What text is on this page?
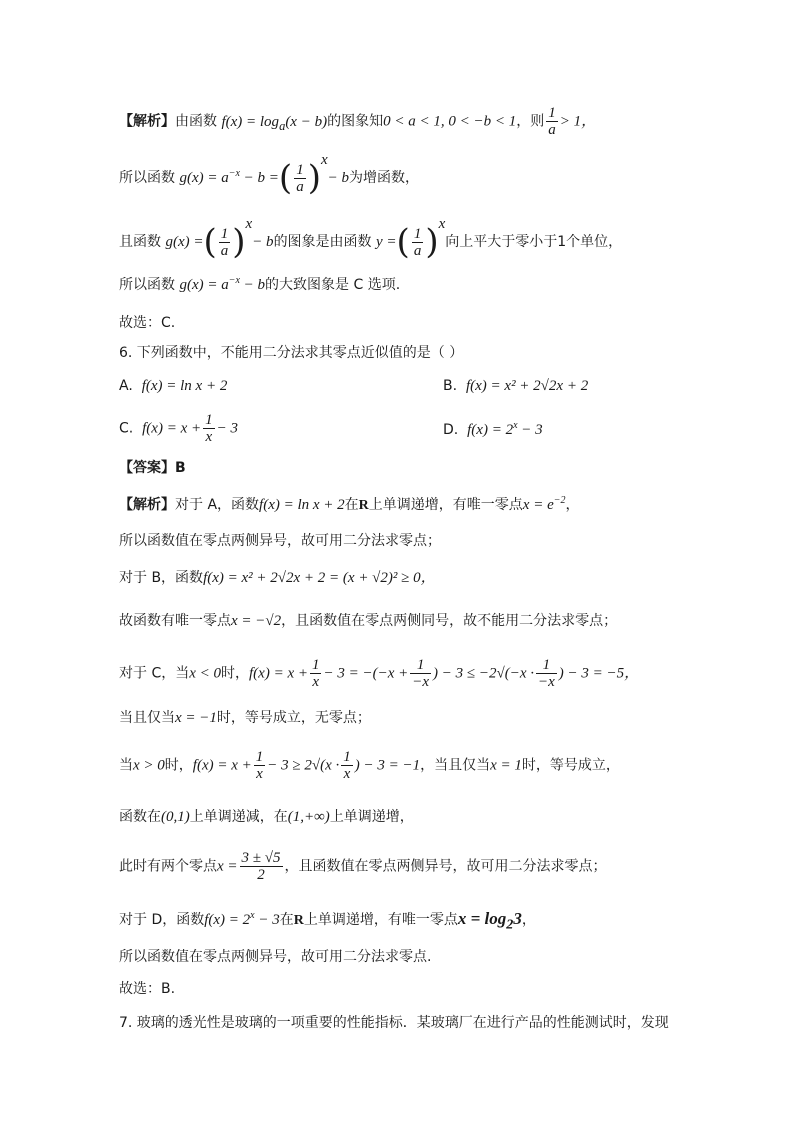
【解析】由函数 $f(x) = \log_a(x - b)$的图象知0 < a < 1, 0 < −b < 1，则 $\frac{1}{a} > 1$，
所以函数 $g(x) = a^{-x} - b$ =( $\frac{1}{a} )^x- b$为增函数，
且函数 g(x) =( $\frac{1}{a} )^x- b$的图象是由函数 y =( $\frac{1}{a} )^x$向上平大于零小于1个单位，
所以函数 $g(x) = a^{-x} - b$的大致图象是 C 选项.
故选：C.
6. 下列函数中，不能用二分法求其零点近似值的是（ ）
A. f(x) = ln x + 2	B. f(x) = x² + 2√2x + 2
C. $f(x) = x + \frac{1}{x} - 3$	D. $f(x) = 2^x - 3$
【答案】B
【解析】对于 A，函数f(x) = ln x + 2在R上单调递增，有唯一零点$x = e^{-2}$，
所以函数值在零点两侧异号，故可用二分法求零点；
对于 B，函数f(x) = x² + 2√2x + 2 = (x + √2)² ≥ 0，
故函数有唯一零点x = −√2，且函数值在零点两侧同号，故不能用二分法求零点；
对于 C，当x < 0时，$f(x) = x + \frac{1}{x} - 3 = -(-x + \frac{1}{-x}$ ) − $3 \le -2√(-x \cdot \frac{1}{-x}$ ) − 3 = −5，
当且仅当x = −1时，等号成立，无零点；
当x > 0时，$f(x) = x + \frac{1}{x} - 3 \ge 2√(x \cdot \frac{1}{x}$ ) − 3 = −1，当且仅当x = 1时，等号成立，
函数在(0,1)上单调递减，在(1,+∞)上单调递增，
此时有两个零点$x = \frac{3 \pm √5}{2}$ ，且函数值在零点两侧异号，故可用二分法求零点；
对于 D，函数$f(x) = 2^x - 3$在R上单调递增，有唯一零点$x = \log_23$，
所以函数值在零点两侧异号，故可用二分法求零点.
故选：B.
7. 玻璃的透光性是玻璃的一项重要的性能指标．某玻璃厂在进行产品的性能测试时，发现
